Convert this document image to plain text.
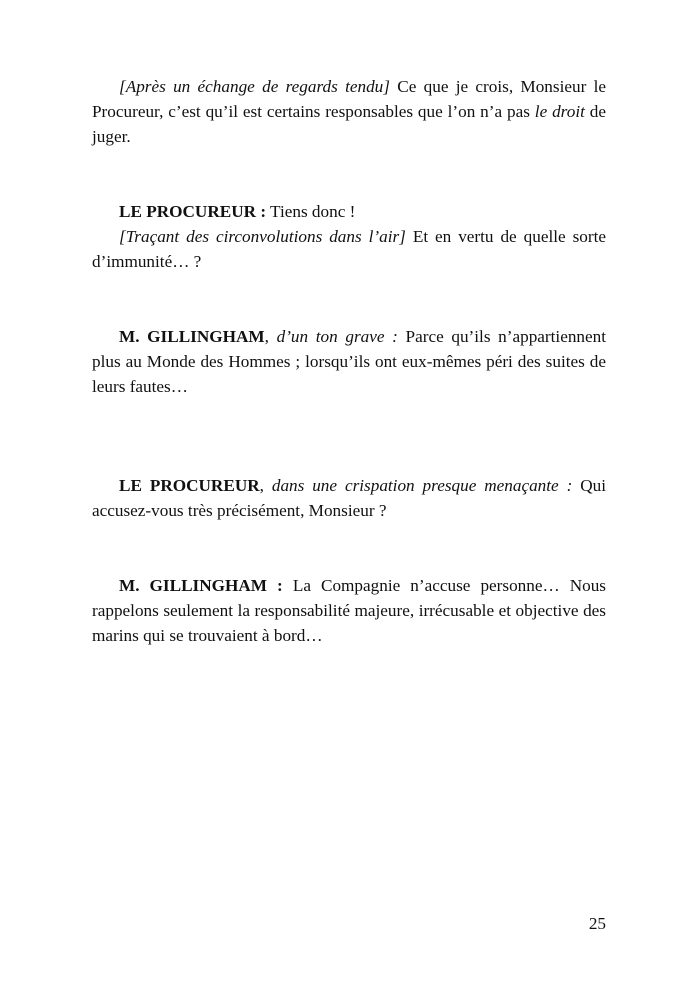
[Après un échange de regards tendu] Ce que je crois, Monsieur le Procureur, c’est qu’il est certains responsables que l’on n’a pas le droit de juger.

LE PROCUREUR : Tiens donc !

[Traçant des circonvolutions dans l’air] Et en vertu de quelle sorte d’immunité… ?

M. GILLINGHAM, d’un ton grave : Parce qu’ils n’appartiennent plus au Monde des Hommes ; lorsqu’ils ont eux-mêmes péri des suites de leurs fautes…

LE PROCUREUR, dans une crispation presque menaçante : Qui accusez-vous très précisément, Monsieur ?

M. GILLINGHAM : La Compagnie n’accuse personne… Nous rappelons seulement la responsabilité majeure, irrécusable et objective des marins qui se trouvaient à bord…

25
